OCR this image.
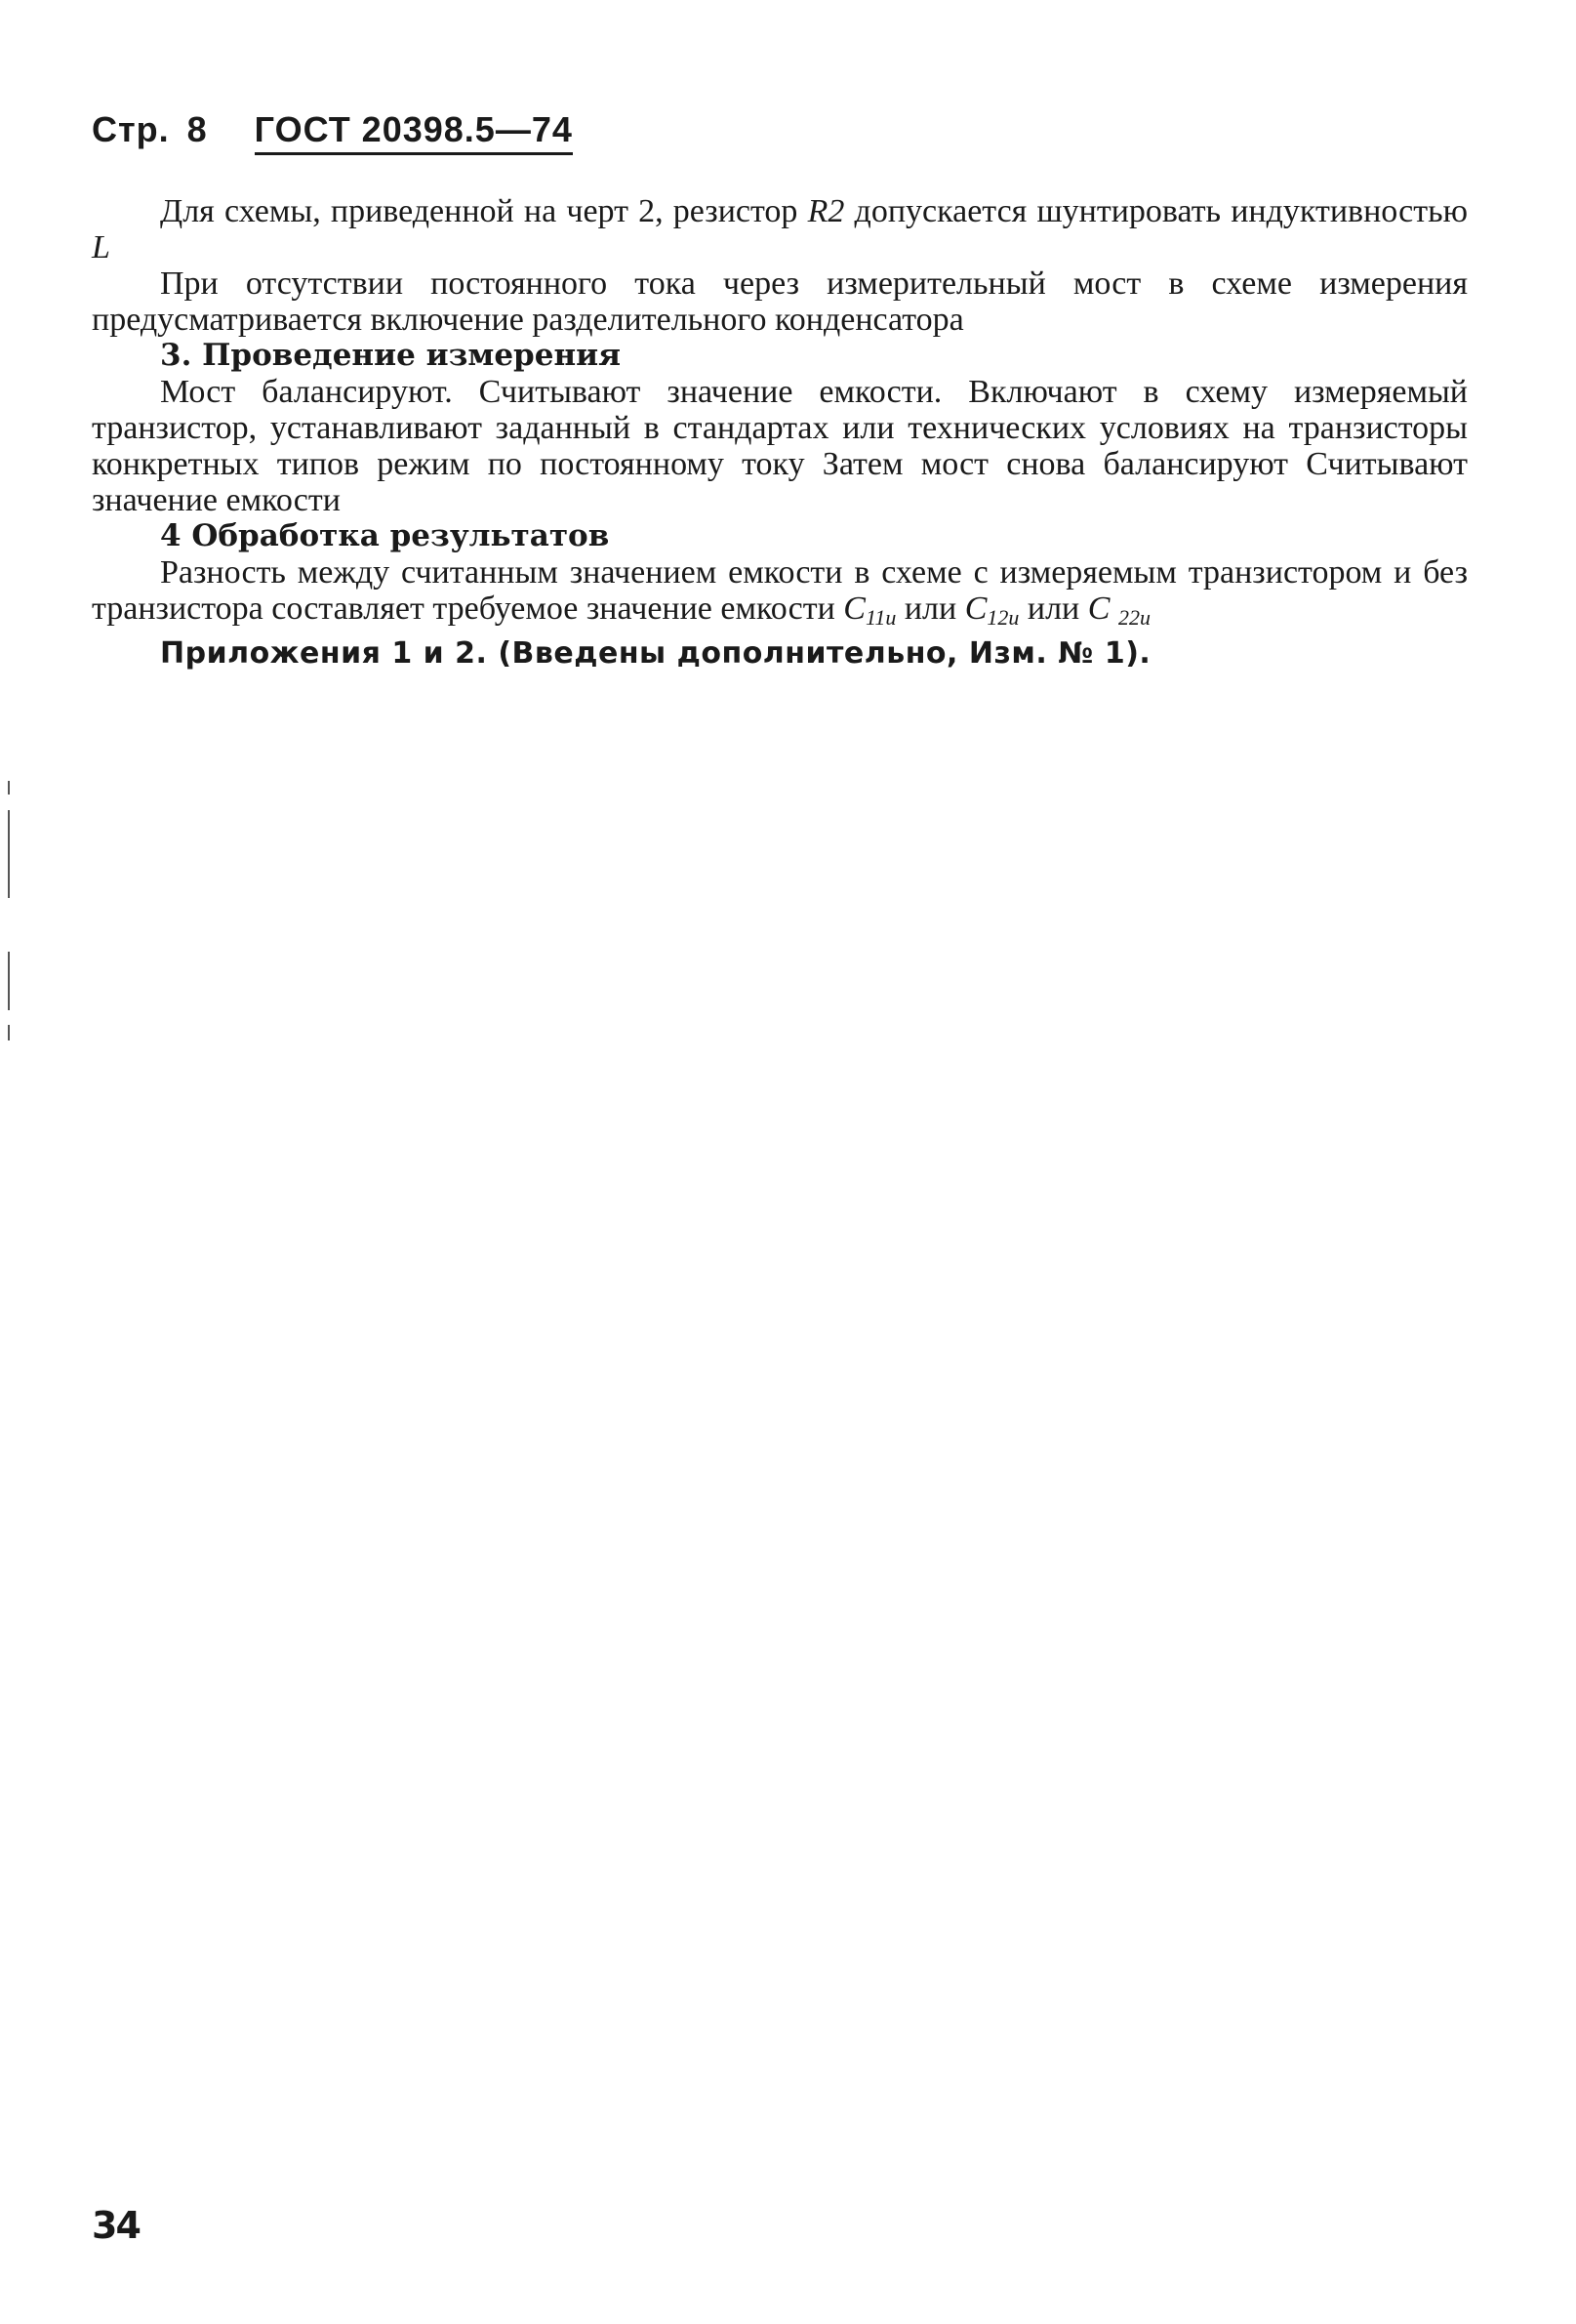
Стр. 8 ГОСТ 20398.5—74

Для схемы, приведенной на черт 2, резистор R2 допускается шунтировать индуктивностью L

При отсутствии постоянного тока через измерительный мост в схеме измерения предусматривается включение разделительного конденсатора

3. Проведение измерения

Мост балансируют. Считывают значение емкости. Включают в схему измеряемый транзистор, устанавливают заданный в стандартах или технических условиях на транзисторы конкретных типов режим по постоянному току Затем мост снова балансируют Считывают значение емкости

4 Обработка результатов

Разность между считанным значением емкости в схеме с измеряемым транзистором и без транзистора составляет требуемое значение емкости $C_{11и}$ или $C_{12и}$ или C $_{22и}$

Приложения 1 и 2. (Введены дополнительно, Изм. № 1).

34
